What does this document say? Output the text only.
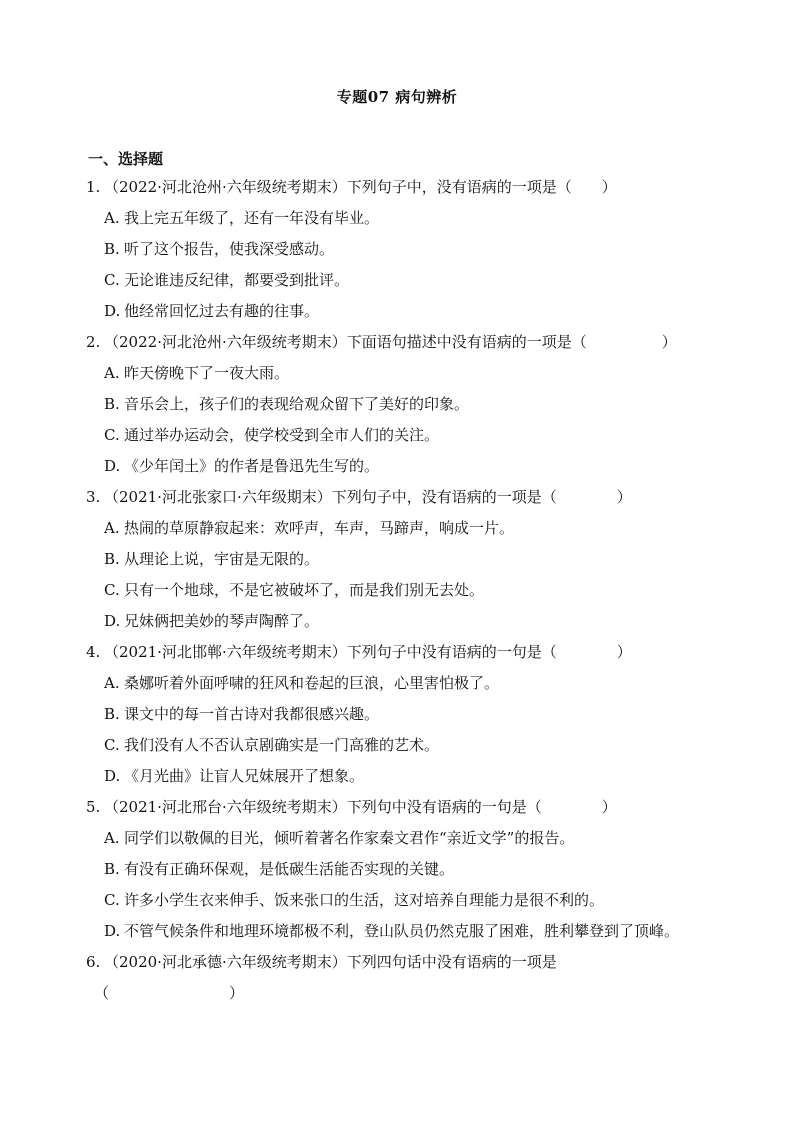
专题07 病句辨析
一、选择题
1. （2022·河北沧州·六年级统考期末）下列句子中，没有语病的一项是（　　）
A. 我上完五年级了，还有一年没有毕业。
B. 听了这个报告，使我深受感动。
C. 无论谁违反纪律，都要受到批评。
D. 他经常回忆过去有趣的往事。
2. （2022·河北沧州·六年级统考期末）下面语句描述中没有语病的一项是（　　　　　）
A. 昨天傍晚下了一夜大雨。
B. 音乐会上，孩子们的表现给观众留下了美好的印象。
C. 通过举办运动会，使学校受到全市人们的关注。
D. 《少年闰土》的作者是鲁迅先生写的。
3. （2021·河北张家口·六年级期末）下列句子中，没有语病的一项是（　　　　）
A. 热闹的草原静寂起来：欢呼声，车声，马蹄声，响成一片。
B. 从理论上说，宇宙是无限的。
C. 只有一个地球，不是它被破坏了，而是我们别无去处。
D. 兄妹俩把美妙的琴声陶醉了。
4. （2021·河北邯郸·六年级统考期末）下列句子中没有语病的一句是（　　　　）
A. 桑娜听着外面呼啸的狂风和卷起的巨浪，心里害怕极了。
B. 课文中的每一首古诗对我都很感兴趣。
C. 我们没有人不否认京剧确实是一门高雅的艺术。
D. 《月光曲》让盲人兄妹展开了想象。
5. （2021·河北邢台·六年级统考期末）下列句中没有语病的一句是（　　　　）
A. 同学们以敬佩的目光，倾听着著名作家秦文君作“亲近文学”的报告。
B. 有没有正确环保观，是低碳生活能否实现的关键。
C. 许多小学生衣来伸手、饭来张口的生活，这对培养自理能力是很不利的。
D. 不管气候条件和地理环境都极不利，登山队员仍然克服了困难，胜利攀登到了顶峰。
6. （2020·河北承德·六年级统考期末）下列四句话中没有语病的一项是
（　　　　　　　　）
